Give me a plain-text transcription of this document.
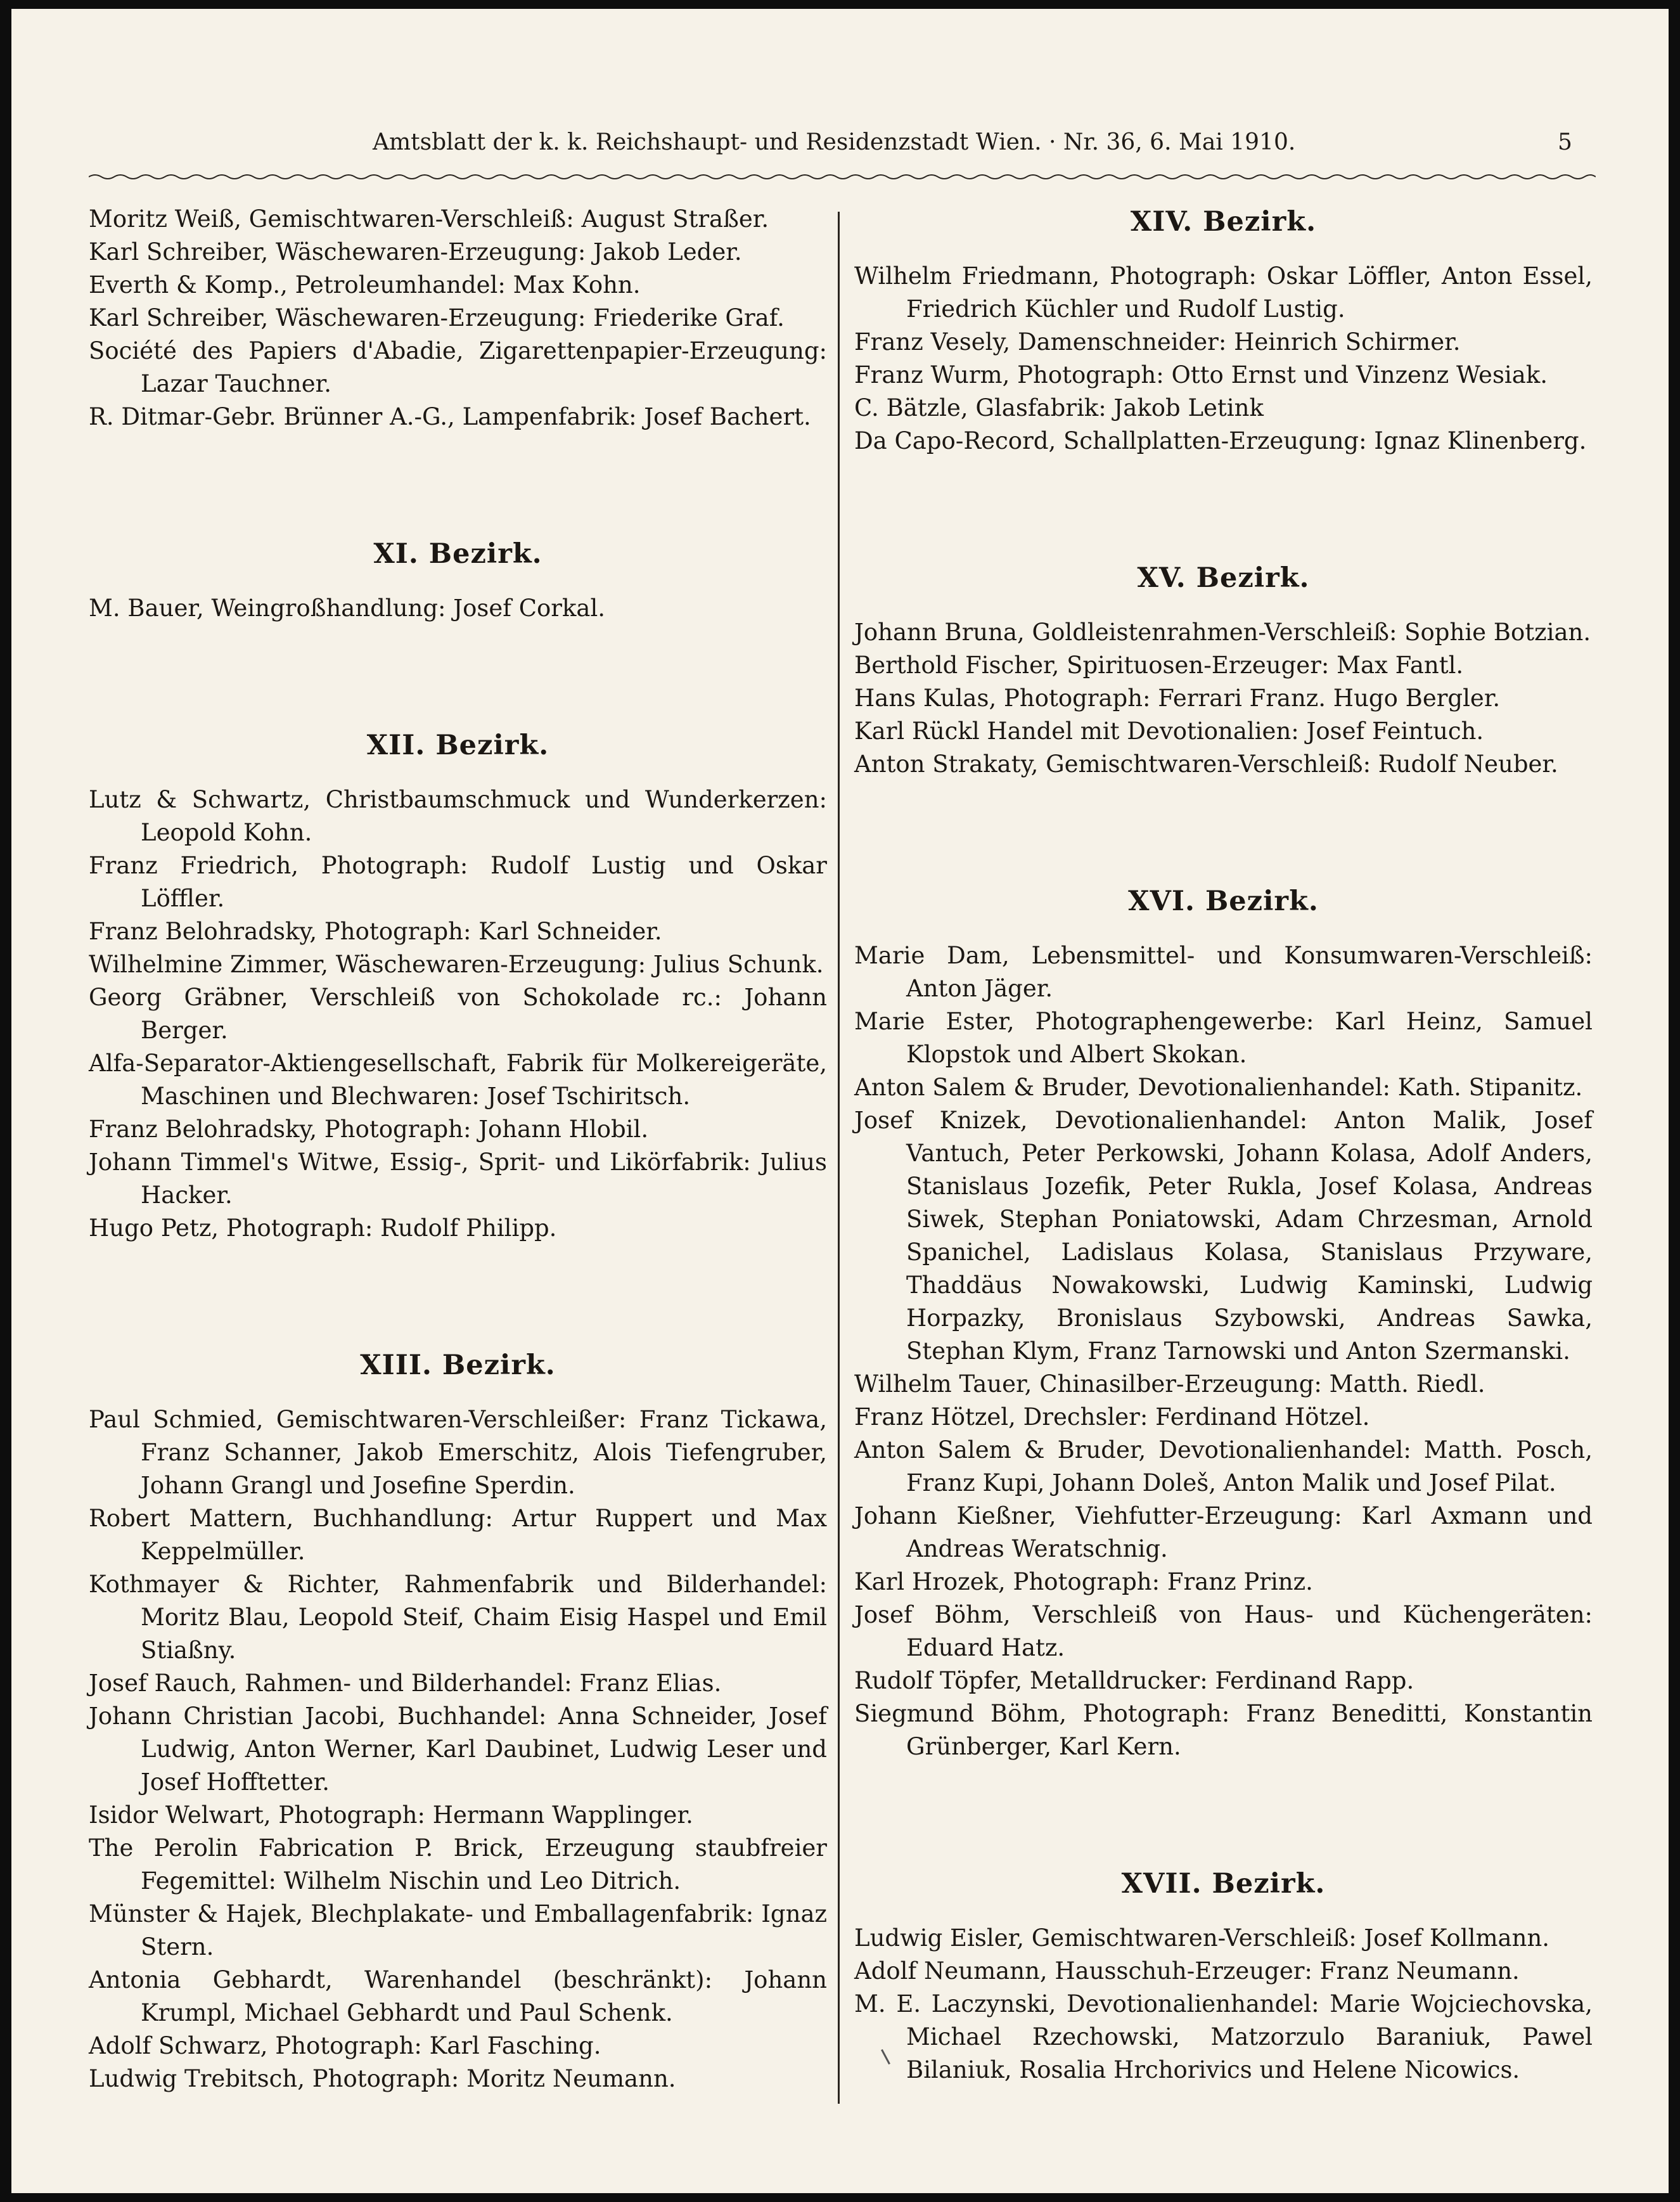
Amtsblatt der k. k. Reichshaupt- und Residenzstadt Wien. · Nr. 36, 6. Mai 1910.	5
Moritz Weiß, Gemischtwaren-Verschleiß: August Straßer.
Karl Schreiber, Wäschewaren-Erzeugung: Jakob Leder.
Everth & Komp., Petroleumhandel: Max Kohn.
Karl Schreiber, Wäschewaren-Erzeugung: Friederike Graf.
Société des Papiers d'Abadie, Zigarettenpapier-Erzeugung: Lazar Tauchner.
R. Ditmar-Gebr. Brünner A.-G., Lampenfabrik: Josef Bachert.
XI. Bezirk.
M. Bauer, Weingroßhandlung: Josef Corkal.
XII. Bezirk.
Lutz & Schwartz, Christbaumschmuck und Wunderkerzen: Leopold Kohn.
Franz Friedrich, Photograph: Rudolf Lustig und Oskar Löffler.
Franz Belohradsky, Photograph: Karl Schneider.
Wilhelmine Zimmer, Wäschewaren-Erzeugung: Julius Schunk.
Georg Gräbner, Verschleiß von Schokolade rc.: Johann Berger.
Alfa-Separator-Aktiengesellschaft, Fabrik für Molkereigeräte, Maschinen und Blechwaren: Josef Tschiritsch.
Franz Belohradsky, Photograph: Johann Hlobil.
Johann Timmel's Witwe, Essig-, Sprit- und Likörfabrik: Julius Hacker.
Hugo Petz, Photograph: Rudolf Philipp.
XIII. Bezirk.
Paul Schmied, Gemischtwaren-Verschleißer: Franz Tickawa, Franz Schanner, Jakob Emerschitz, Alois Tiefengruber, Johann Grangl und Josefine Sperdin.
Robert Mattern, Buchhandlung: Artur Ruppert und Max Keppelmüller.
Kothmayer & Richter, Rahmenfabrik und Bilderhandel: Moritz Blau, Leopold Steif, Chaim Eisig Haspel und Emil Stiaßny.
Josef Rauch, Rahmen- und Bilderhandel: Franz Elias.
Johann Christian Jacobi, Buchhandel: Anna Schneider, Josef Ludwig, Anton Werner, Karl Daubinet, Ludwig Leser und Josef Hofftetter.
Isidor Welwart, Photograph: Hermann Wapplinger.
The Perolin Fabrication P. Brick, Erzeugung staubfreier Fegemittel: Wilhelm Nischin und Leo Ditrich.
Münster & Hajek, Blechplakate- und Emballagenfabrik: Ignaz Stern.
Antonia Gebhardt, Warenhandel (beschränkt): Johann Krumpl, Michael Gebhardt und Paul Schenk.
Adolf Schwarz, Photograph: Karl Fasching.
Ludwig Trebitsch, Photograph: Moritz Neumann.
XIV. Bezirk.
Wilhelm Friedmann, Photograph: Oskar Löffler, Anton Essel, Friedrich Küchler und Rudolf Lustig.
Franz Vesely, Damenschneider: Heinrich Schirmer.
Franz Wurm, Photograph: Otto Ernst und Vinzenz Wesiak.
C. Bätzle, Glasfabrik: Jakob Letink
Da Capo-Record, Schallplatten-Erzeugung: Ignaz Klinenberg.
XV. Bezirk.
Johann Bruna, Goldleistenrahmen-Verschleiß: Sophie Botzian.
Berthold Fischer, Spirituosen-Erzeuger: Max Fantl.
Hans Kulas, Photograph: Ferrari Franz. Hugo Bergler.
Karl Rückl Handel mit Devotionalien: Josef Feintuch.
Anton Strakaty, Gemischtwaren-Verschleiß: Rudolf Neuber.
XVI. Bezirk.
Marie Dam, Lebensmittel- und Konsumwaren-Verschleiß: Anton Jäger.
Marie Ester, Photographengewerbe: Karl Heinz, Samuel Klopstok und Albert Skokan.
Anton Salem & Bruder, Devotionalienhandel: Kath. Stipanitz.
Josef Knizek, Devotionalienhandel: Anton Malik, Josef Vantuch, Peter Perkowski, Johann Kolasa, Adolf Anders, Stanislaus Jozefik, Peter Rukla, Josef Kolasa, Andreas Siwek, Stephan Poniatowski, Adam Chrzesman, Arnold Spanichel, Ladislaus Kolasa, Stanislaus Przyware, Thaddäus Nowakowski, Ludwig Kaminski, Ludwig Horpazky, Bronislaus Szybowski, Andreas Sawka, Stephan Klym, Franz Tarnowski und Anton Szermanski.
Wilhelm Tauer, Chinasilber-Erzeugung: Matth. Riedl.
Franz Hötzel, Drechsler: Ferdinand Hötzel.
Anton Salem & Bruder, Devotionalienhandel: Matth. Posch, Franz Kupi, Johann Doleš, Anton Malik und Josef Pilat.
Johann Kießner, Viehfutter-Erzeugung: Karl Axmann und Andreas Weratschnig.
Karl Hrozek, Photograph: Franz Prinz.
Josef Böhm, Verschleiß von Haus- und Küchengeräten: Eduard Hatz.
Rudolf Töpfer, Metalldrucker: Ferdinand Rapp.
Siegmund Böhm, Photograph: Franz Beneditti, Konstantin Grünberger, Karl Kern.
XVII. Bezirk.
Ludwig Eisler, Gemischtwaren-Verschleiß: Josef Kollmann.
Adolf Neumann, Hausschuh-Erzeuger: Franz Neumann.
M. E. Laczynski, Devotionalienhandel: Marie Wojciechovska, Michael Rzechowski, Matzorzulo Baraniuk, Pawel Bilaniuk, Rosalia Hrchorivics und Helene Nicowics.
